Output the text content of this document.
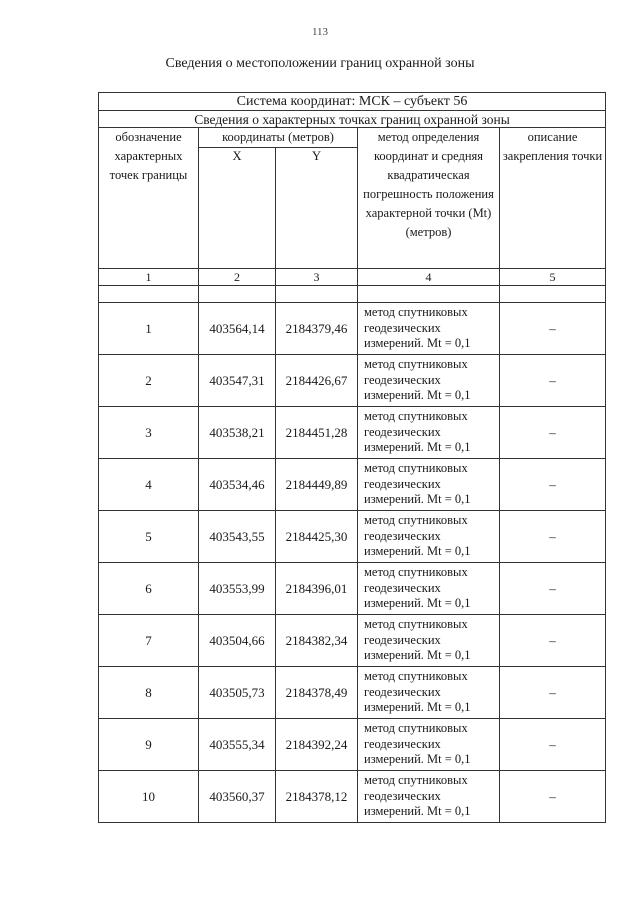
113
Сведения о местоположении границ охранной зоны
Система координат: МСК – субъект 56				
Сведения о характерных точках границ охранной зоны				
обозначение характерных точек границы	координаты (метров)		метод определения координат и средняя квадратическая погрешность положения характерной точки (Mt) (метров)	описание закрепления точки
	X	Y		
1	2	3	4	5

1	403564,14	2184379,46	метод спутниковых геодезических измерений. Mt = 0,1	–
2	403547,31	2184426,67	метод спутниковых геодезических измерений. Mt = 0,1	–
3	403538,21	2184451,28	метод спутниковых геодезических измерений. Mt = 0,1	–
4	403534,46	2184449,89	метод спутниковых геодезических измерений. Mt = 0,1	–
5	403543,55	2184425,30	метод спутниковых геодезических измерений. Mt = 0,1	–
6	403553,99	2184396,01	метод спутниковых геодезических измерений. Mt = 0,1	–
7	403504,66	2184382,34	метод спутниковых геодезических измерений. Mt = 0,1	–
8	403505,73	2184378,49	метод спутниковых геодезических измерений. Mt = 0,1	–
9	403555,34	2184392,24	метод спутниковых геодезических измерений. Mt = 0,1	–
10	403560,37	2184378,12	метод спутниковых геодезических измерений. Mt = 0,1	–
